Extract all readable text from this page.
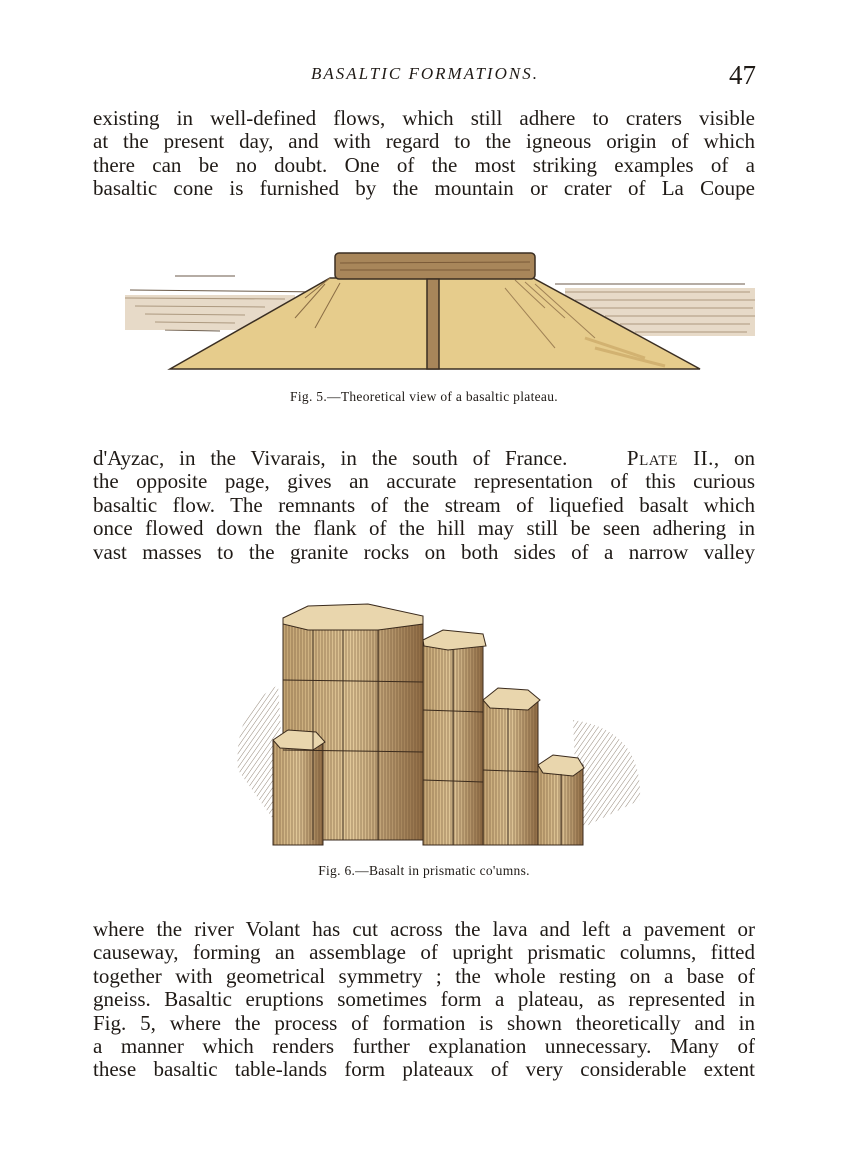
BASALTIC FORMATIONS.	47
existing in well-defined flows, which still adhere to craters visible
at the present day, and with regard to the igneous origin of which
there can be no doubt. One of the most striking examples of a
basaltic cone is furnished by the mountain or crater of La Coupe
Fig. 5.—Theoretical view of a basaltic plateau.
d'Ayzac, in the Vivarais, in the south of France.	Plate II., on
the opposite page, gives an accurate representation of this curious
basaltic flow. The remnants of the stream of liquefied basalt which
once flowed down the flank of the hill may still be seen adhering in
vast masses to the granite rocks on both sides of a narrow valley
Fig. 6.—Basalt in prismatic co'umns.
where the river Volant has cut across the lava and left a pavement or
causeway, forming an assemblage of upright prismatic columns, fitted
together with geometrical symmetry ; the whole resting on a base of
gneiss. Basaltic eruptions sometimes form a plateau, as represented in
Fig. 5, where the process of formation is shown theoretically and in
a manner which renders further explanation unnecessary. Many of
these basaltic table-lands form plateaux of very considerable extent
